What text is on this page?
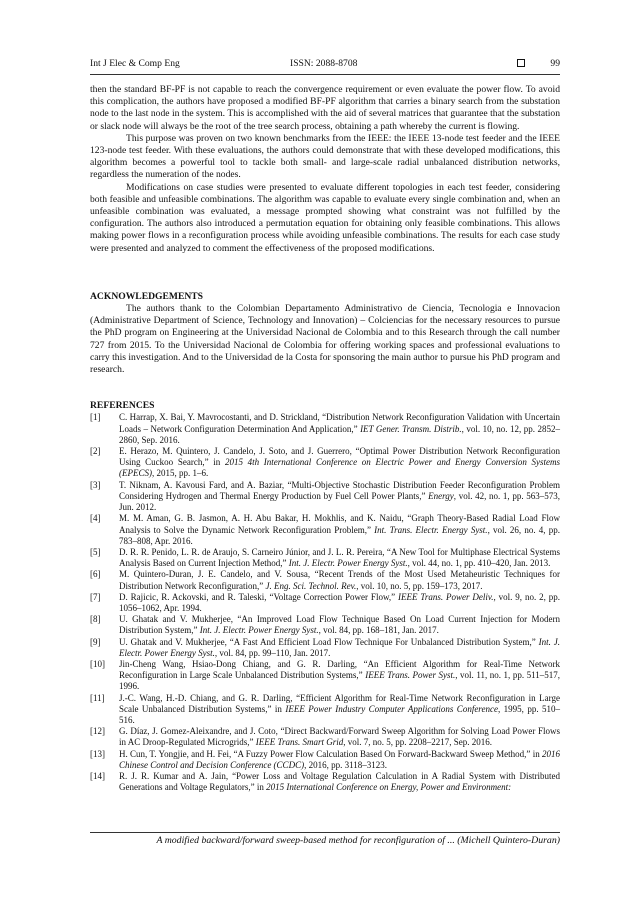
Int J Elec & Comp Eng	ISSN: 2088-8708	99

then the standard BF-PF is not capable to reach the convergence requirement or even evaluate the power flow. To avoid this complication, the authors have proposed a modified BF-PF algorithm that carries a binary search from the substation node to the last node in the system. This is accomplished with the aid of several matrices that guarantee that the substation or slack node will always be the root of the tree search process, obtaining a path whereby the current is flowing.

This purpose was proven on two known benchmarks from the IEEE: the IEEE 13-node test feeder and the IEEE 123-node test feeder. With these evaluations, the authors could demonstrate that with these developed modifications, this algorithm becomes a powerful tool to tackle both small- and large-scale radial unbalanced distribution networks, regardless the numeration of the nodes.

Modifications on case studies were presented to evaluate different topologies in each test feeder, considering both feasible and unfeasible combinations. The algorithm was capable to evaluate every single combination and, when an unfeasible combination was evaluated, a message prompted showing what constraint was not fulfilled by the configuration. The authors also introduced a permutation equation for obtaining only feasible combinations. This allows making power flows in a reconfiguration process while avoiding unfeasible combinations. The results for each case study were presented and analyzed to comment the effectiveness of the proposed modifications.

ACKNOWLEDGEMENTS

The authors thank to the Colombian Departamento Administrativo de Ciencia, Tecnologia e Innovacion (Administrative Department of Science, Technology and Innovation) – Colciencias for the necessary resources to pursue the PhD program on Engineering at the Universidad Nacional de Colombia and to this Research through the call number 727 from 2015. To the Universidad Nacional de Colombia for offering working spaces and professional evaluations to carry this investigation. And to the Universidad de la Costa for sponsoring the main author to pursue his PhD program and research.

REFERENCES
[1] C. Harrap, X. Bai, Y. Mavrocostanti, and D. Strickland, “Distribution Network Reconfiguration Validation with Uncertain Loads – Network Configuration Determination And Application,” IET Gener. Transm. Distrib., vol. 10, no. 12, pp. 2852–2860, Sep. 2016.
[2] E. Herazo, M. Quintero, J. Candelo, J. Soto, and J. Guerrero, “Optimal Power Distribution Network Reconfiguration Using Cuckoo Search,” in 2015 4th International Conference on Electric Power and Energy Conversion Systems (EPECS), 2015, pp. 1–6.
[3] T. Niknam, A. Kavousi Fard, and A. Baziar, “Multi-Objective Stochastic Distribution Feeder Reconfiguration Problem Considering Hydrogen and Thermal Energy Production by Fuel Cell Power Plants,” Energy, vol. 42, no. 1, pp. 563–573, Jun. 2012.
[4] M. M. Aman, G. B. Jasmon, A. H. Abu Bakar, H. Mokhlis, and K. Naidu, “Graph Theory-Based Radial Load Flow Analysis to Solve the Dynamic Network Reconfiguration Problem,” Int. Trans. Electr. Energy Syst., vol. 26, no. 4, pp. 783–808, Apr. 2016.
[5] D. R. R. Penido, L. R. de Araujo, S. Carneiro Júnior, and J. L. R. Pereira, “A New Tool for Multiphase Electrical Systems Analysis Based on Current Injection Method,” Int. J. Electr. Power Energy Syst., vol. 44, no. 1, pp. 410–420, Jan. 2013.
[6] M. Quintero-Duran, J. E. Candelo, and V. Sousa, “Recent Trends of the Most Used Metaheuristic Techniques for Distribution Network Reconfiguration,” J. Eng. Sci. Technol. Rev., vol. 10, no. 5, pp. 159–173, 2017.
[7] D. Rajicic, R. Ackovski, and R. Taleski, “Voltage Correction Power Flow,” IEEE Trans. Power Deliv., vol. 9, no. 2, pp. 1056–1062, Apr. 1994.
[8] U. Ghatak and V. Mukherjee, “An Improved Load Flow Technique Based On Load Current Injection for Modern Distribution System,” Int. J. Electr. Power Energy Syst., vol. 84, pp. 168–181, Jan. 2017.
[9] U. Ghatak and V. Mukherjee, “A Fast And Efficient Load Flow Technique For Unbalanced Distribution System,” Int. J. Electr. Power Energy Syst., vol. 84, pp. 99–110, Jan. 2017.
[10] Jin-Cheng Wang, Hsiao-Dong Chiang, and G. R. Darling, “An Efficient Algorithm for Real-Time Network Reconfiguration in Large Scale Unbalanced Distribution Systems,” IEEE Trans. Power Syst., vol. 11, no. 1, pp. 511–517, 1996.
[11] J.-C. Wang, H.-D. Chiang, and G. R. Darling, “Efficient Algorithm for Real-Time Network Reconfiguration in Large Scale Unbalanced Distribution Systems,” in IEEE Power Industry Computer Applications Conference, 1995, pp. 510–516.
[12] G. Díaz, J. Gomez-Aleixandre, and J. Coto, “Direct Backward/Forward Sweep Algorithm for Solving Load Power Flows in AC Droop-Regulated Microgrids,” IEEE Trans. Smart Grid, vol. 7, no. 5, pp. 2208–2217, Sep. 2016.
[13] H. Cun, T. Yongjie, and H. Fei, “A Fuzzy Power Flow Calculation Based On Forward-Backward Sweep Method,” in 2016 Chinese Control and Decision Conference (CCDC), 2016, pp. 3118–3123.
[14] R. J. R. Kumar and A. Jain, “Power Loss and Voltage Regulation Calculation in A Radial System with Distributed Generations and Voltage Regulators,” in 2015 International Conference on Energy, Power and Environment:
A modified backward/forward sweep-based method for reconfiguration of ... (Michell Quintero-Duran)
